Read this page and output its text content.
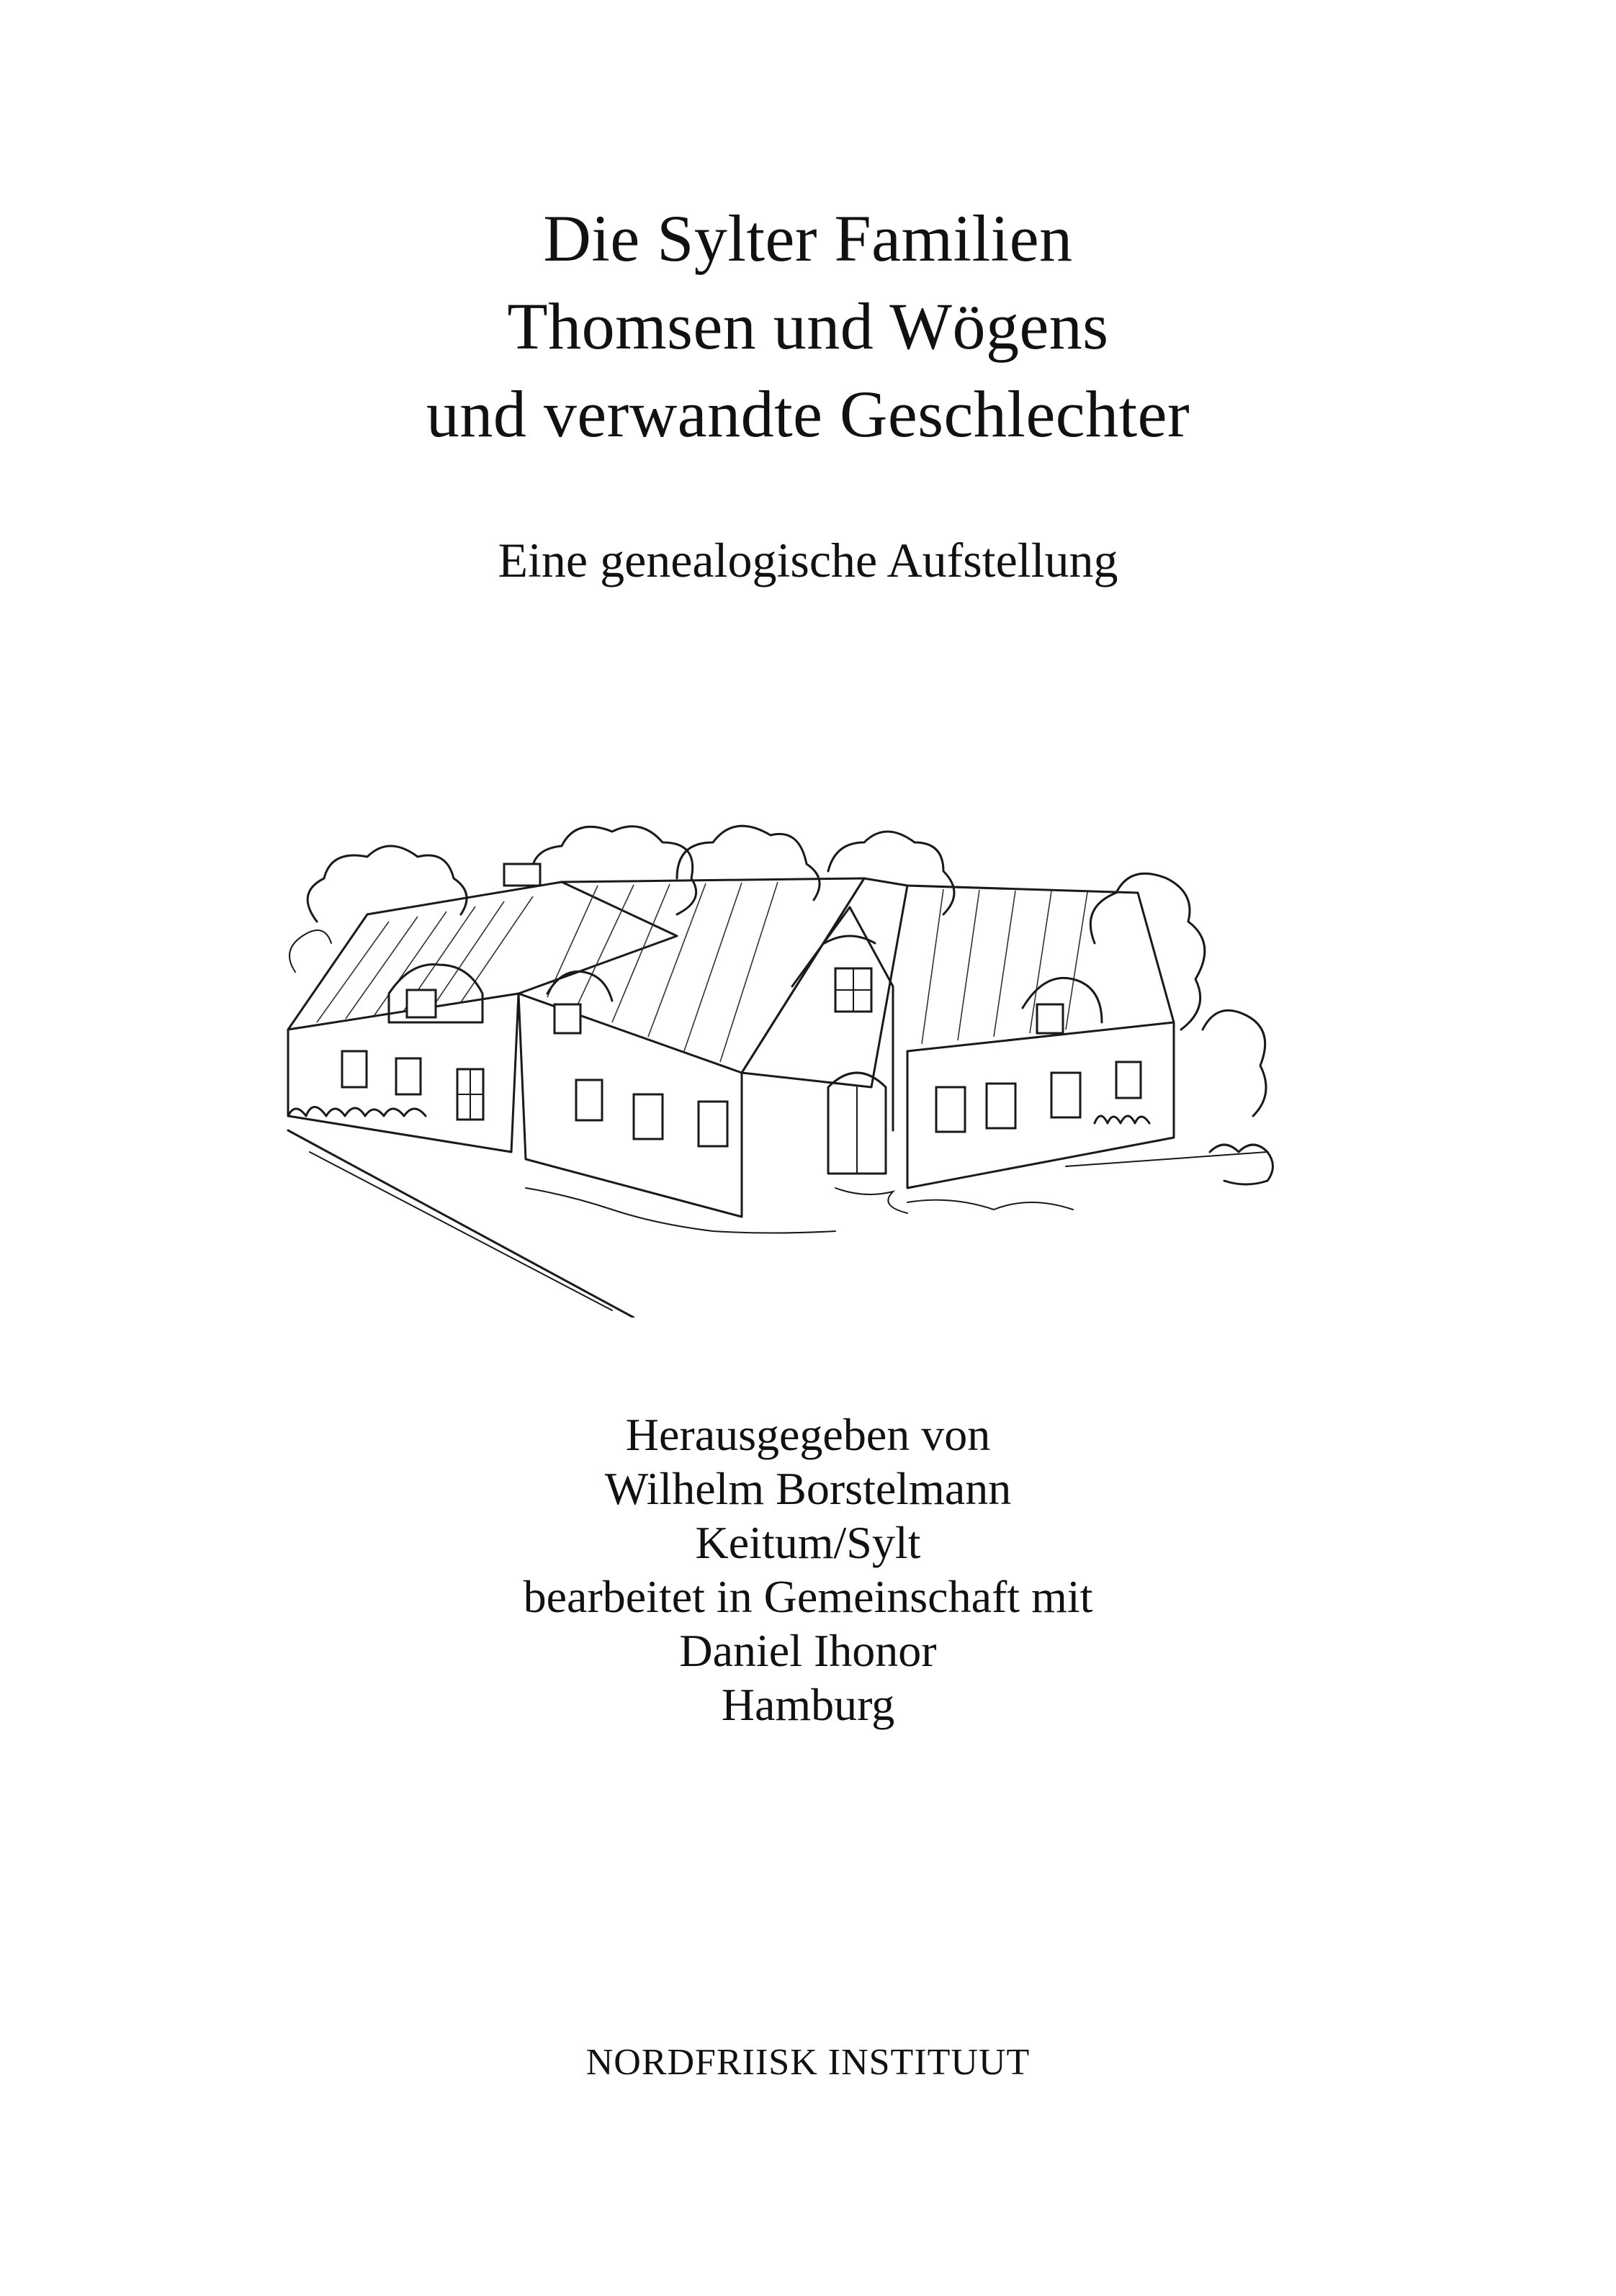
Die Sylter Familien
Thomsen und Wögens
und verwandte Geschlechter
Eine genealogische Aufstellung
Herausgegeben von
Wilhelm Borstelmann
Keitum/Sylt
bearbeitet in Gemeinschaft mit
Daniel Ihonor
Hamburg
NORDFRIISK INSTITUUT
